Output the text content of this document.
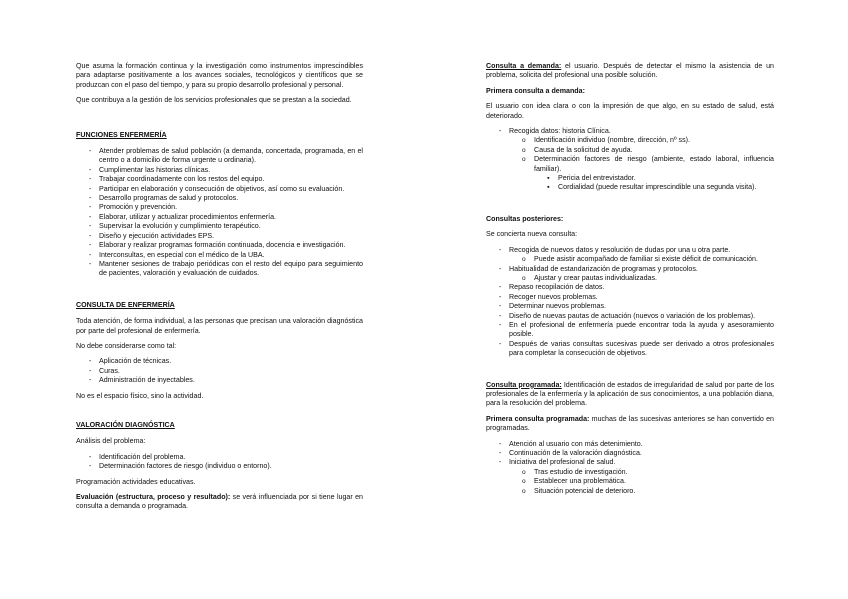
Que asuma la formación continua y la investigación como instrumentos imprescindibles para adaptarse positivamente a los avances sociales, tecnológicos y científicos que se produzcan con el paso del tiempo, y para su propio desarrollo profesional y personal.

Que contribuya a la gestión de los servicios profesionales que se prestan a la sociedad.

FUNCIONES ENFERMERÍA
- Atender problemas de salud población (a demanda, concertada, programada, en el centro o a domicilio de forma urgente u ordinaria).
- Cumplimentar las historias clínicas.
- Trabajar coordinadamente con los restos del equipo.
- Participar en elaboración y consecución de objetivos, así como su evaluación.
- Desarrollo programas de salud y protocolos.
- Promoción y prevención.
- Elaborar, utilizar y actualizar procedimientos enfermería.
- Supervisar la evolución y cumplimiento terapéutico.
- Diseño y ejecución actividades EPS.
- Elaborar y realizar programas formación continuada, docencia e investigación.
- Interconsultas, en especial con el médico de la UBA.
- Mantener sesiones de trabajo periódicas con el resto del equipo para seguimiento de pacientes, valoración y evaluación de cuidados.
CONSULTA DE ENFERMERÍA

Toda atención, de forma individual, a las personas que precisan una valoración diagnóstica por parte del profesional de enfermería.

No debe considerarse como tal:

- Aplicación de técnicas.
- Curas.
- Administración de inyectables.

No es el espacio físico, sino la actividad.

VALORACIÓN DIAGNÓSTICA

Análisis del problema:

- Identificación del problema.
- Determinación factores de riesgo (individuo o entorno).

Programación actividades educativas.

Evaluación (estructura, proceso y resultado): se verá influenciada por si tiene lugar en consulta a demanda o programada.

Consulta a demanda: el usuario. Después de detectar el mismo la asistencia de un problema, solicita del profesional una posible solución.

Primera consulta a demanda:

El usuario con idea clara o con la impresión de que algo, en su estado de salud, está deteriorado.

- Recogida datos: historia Clínica.
o Identificación individuo (nombre, dirección, nº ss).
o Causa de la solicitud de ayuda.
o Determinación factores de riesgo (ambiente, estado laboral, influencia familiar).
▪ Pericia del entrevistador.
▪ Cordialidad (puede resultar imprescindible una segunda visita).

Consultas posteriores:

Se concierta nueva consulta:

- Recogida de nuevos datos y resolución de dudas por una u otra parte.
o Puede asistir acompañado de familiar si existe déficit de comunicación.
- Habitualidad de estandarización de programas y protocolos.
o Ajustar y crear pautas individualizadas.
- Repaso recopilación de datos.
- Recoger nuevos problemas.
- Determinar nuevos problemas.
- Diseño de nuevas pautas de actuación (nuevos o variación de los problemas).
- En el profesional de enfermería puede encontrar toda la ayuda y asesoramiento posible.
- Después de varias consultas sucesivas puede ser derivado a otros profesionales para completar la consecución de objetivos.

Consulta programada: Identificación de estados de irregularidad de salud por parte de los profesionales de la enfermería y la aplicación de sus conocimientos, a una población diana, para la resolución del problema.

Primera consulta programada: muchas de las sucesivas anteriores se han convertido en programadas.

- Atención al usuario con más detenimiento.
- Continuación de la valoración diagnóstica.
- Iniciativa del profesional de salud.
o Tras estudio de investigación.
o Establecer una problemática.
o Situación potencial de deterioro.
